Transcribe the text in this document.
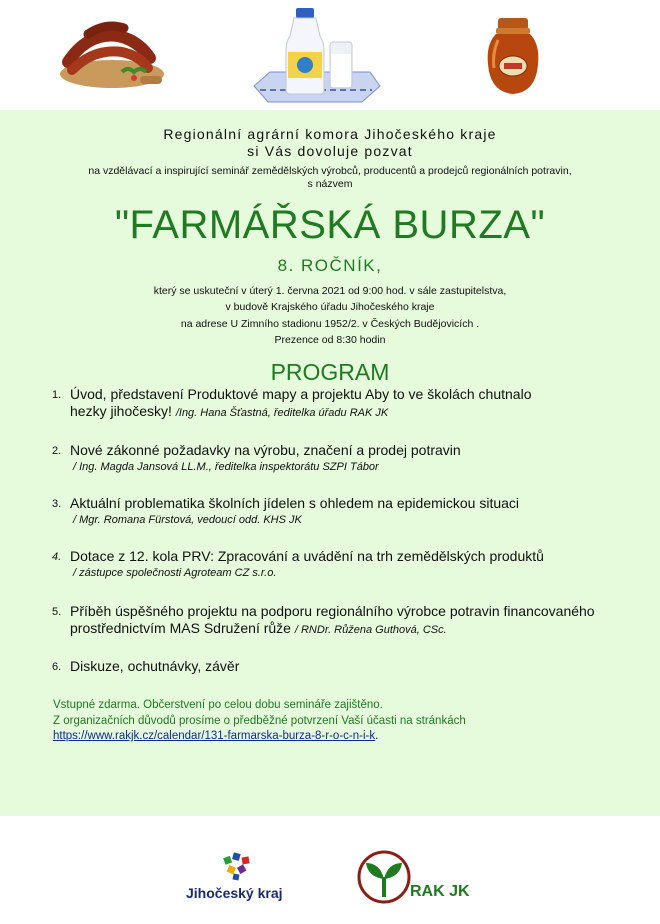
Regionální agrární komora Jihočeského kraje
si Vás dovoluje pozvat
na vzdělávací a inspirující seminář zemědělských výrobců, producentů a prodejců regionálních potravin,
s názvem
"FARMÁŘSKÁ BURZA"
8. ROČNÍK,
který se uskuteční v úterý 1. června 2021 od 9:00 hod. v sále zastupitelstva,
v budově Krajského úřadu Jihočeského kraje
na adrese U Zimního stadionu 1952/2. v Českých Budějovicích .
Prezence od 8:30 hodin
PROGRAM
1. Úvod, představení Produktové mapy a projektu Aby to ve školách chutnalo
hezky jihočesky! /Ing. Hana Šťastná, ředitelka úřadu RAK JK
2. Nové zákonné požadavky na výrobu, značení a prodej potravin
/ Ing. Magda Jansová LL.M., ředitelka inspektorátu SZPI Tábor
3. Aktuální problematika školních jídelen s ohledem na epidemickou situaci
/ Mgr. Romana Fürstová, vedoucí odd. KHS JK
4. Dotace z 12. kola PRV: Zpracování a uvádění na trh zemědělských produktů
/ zástupce společnosti Agroteam CZ s.r.o.
5. Příběh úspěšného projektu na podporu regionálního výrobce potravin financovaného
prostřednictvím MAS Sdružení růže / RNDr. Růžena Guthová, CSc.
6. Diskuze, ochutnávky, závěr
Vstupné zdarma. Občerstvení po celou dobu semináře zajištěno.
Z organizačních důvodů prosíme o předběžné potvrzení Vaší účasti na stránkách
https://www.rakjk.cz/calendar/131-farmarska-burza-8-r-o-c-n-i-k.
Jihočeský kraj	RAK JK
